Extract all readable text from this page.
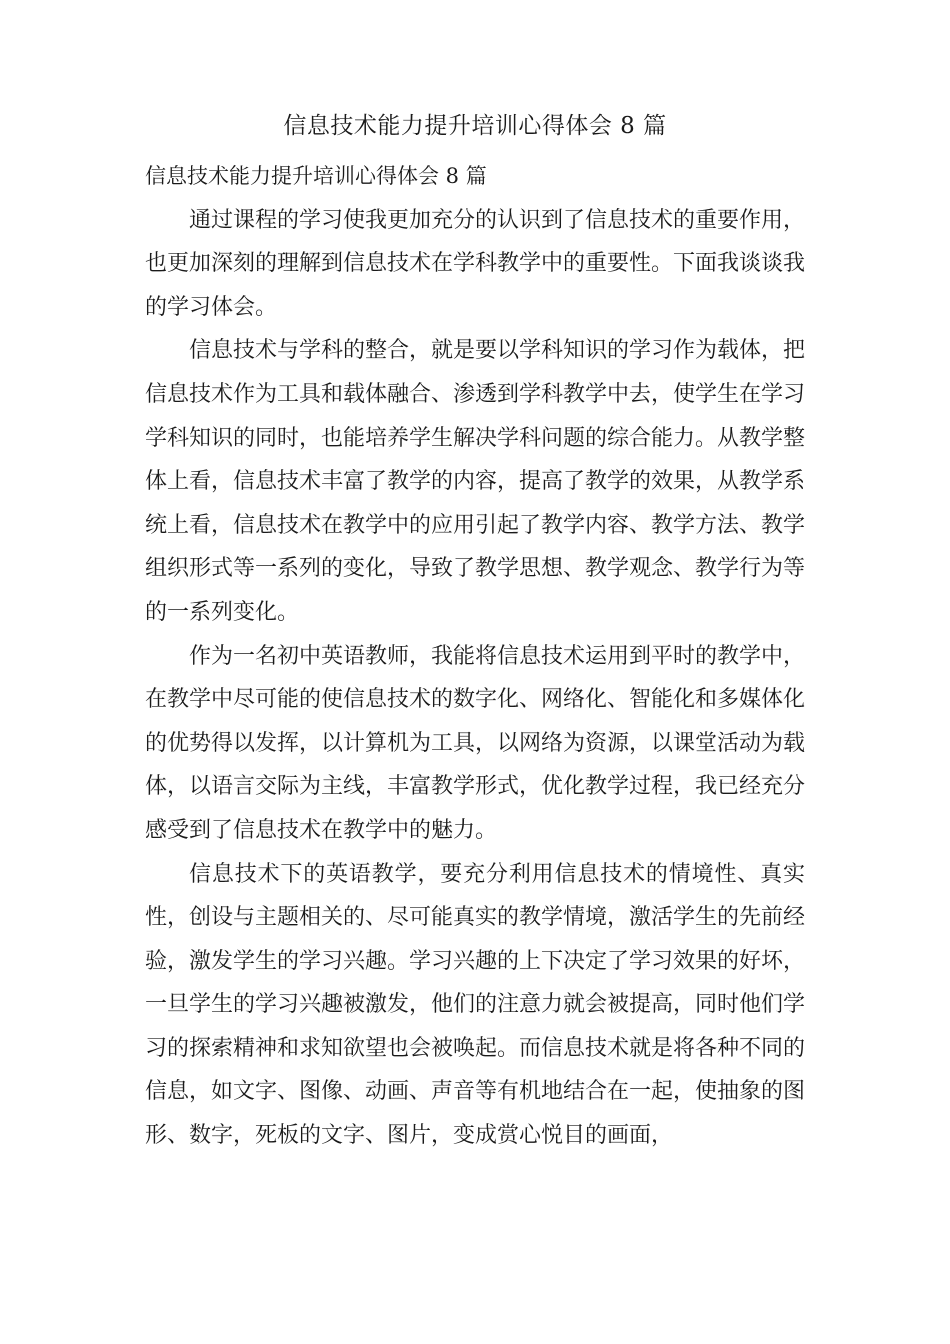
信息技术能力提升培训心得体会 8 篇

信息技术能力提升培训心得体会 8 篇

通过课程的学习使我更加充分的认识到了信息技术的重要作用，也更加深刻的理解到信息技术在学科教学中的重要性。下面我谈谈我的学习体会。

信息技术与学科的整合，就是要以学科知识的学习作为载体，把信息技术作为工具和载体融合、渗透到学科教学中去，使学生在学习学科知识的同时，也能培养学生解决学科问题的综合能力。从教学整体上看，信息技术丰富了教学的内容，提高了教学的效果，从教学系统上看，信息技术在教学中的应用引起了教学内容、教学方法、教学组织形式等一系列的变化，导致了教学思想、教学观念、教学行为等的一系列变化。

作为一名初中英语教师，我能将信息技术运用到平时的教学中，在教学中尽可能的使信息技术的数字化、网络化、智能化和多媒体化的优势得以发挥，以计算机为工具，以网络为资源，以课堂活动为载体，以语言交际为主线，丰富教学形式，优化教学过程，我已经充分感受到了信息技术在教学中的魅力。

信息技术下的英语教学，要充分利用信息技术的情境性、真实性，创设与主题相关的、尽可能真实的教学情境，激活学生的先前经验，激发学生的学习兴趣。学习兴趣的上下决定了学习效果的好坏，一旦学生的学习兴趣被激发，他们的注意力就会被提高，同时他们学习的探索精神和求知欲望也会被唤起。而信息技术就是将各种不同的信息，如文字、图像、动画、声音等有机地结合在一起，使抽象的图形、数字，死板的文字、图片，变成赏心悦目的画面，
